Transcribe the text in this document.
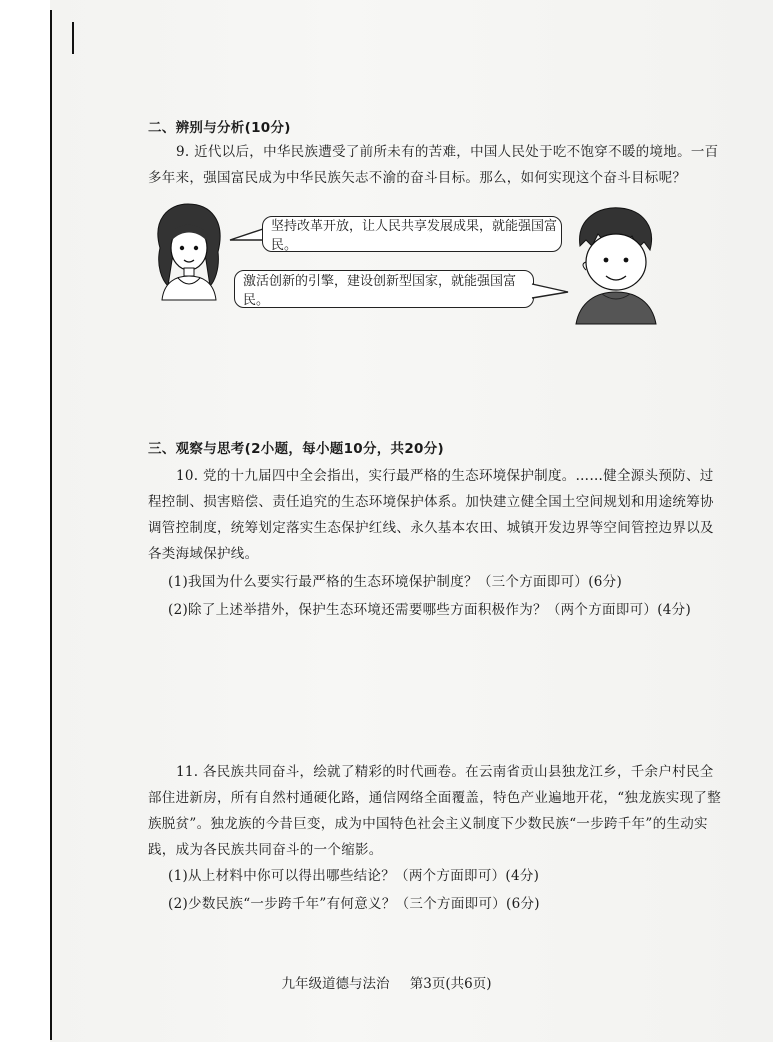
二、辨别与分析(10分)
9. 近代以后，中华民族遭受了前所未有的苦难，中国人民处于吃不饱穿不暖的境地。一百
多年来，强国富民成为中华民族矢志不渝的奋斗目标。那么，如何实现这个奋斗目标呢？
坚持改革开放，让人民共享发展成果，就能强国富民。
激活创新的引擎，建设创新型国家，就能强国富民。
三、观察与思考(2小题，每小题10分，共20分)
10. 党的十九届四中全会指出，实行最严格的生态环境保护制度。……健全源头预防、过
程控制、损害赔偿、责任追究的生态环境保护体系。加快建立健全国土空间规划和用途统筹协
调管控制度，统筹划定落实生态保护红线、永久基本农田、城镇开发边界等空间管控边界以及
各类海域保护线。
(1)我国为什么要实行最严格的生态环境保护制度？（三个方面即可）(6分)
(2)除了上述举措外，保护生态环境还需要哪些方面积极作为？（两个方面即可）(4分)
11. 各民族共同奋斗，绘就了精彩的时代画卷。在云南省贡山县独龙江乡，千余户村民全
部住进新房，所有自然村通硬化路，通信网络全面覆盖，特色产业遍地开花，“独龙族实现了整
族脱贫”。独龙族的今昔巨变，成为中国特色社会主义制度下少数民族“一步跨千年”的生动实
践，成为各民族共同奋斗的一个缩影。
(1)从上材料中你可以得出哪些结论？（两个方面即可）(4分)
(2)少数民族“一步跨千年”有何意义？（三个方面即可）(6分)
九年级道德与法治 第3页(共6页)
